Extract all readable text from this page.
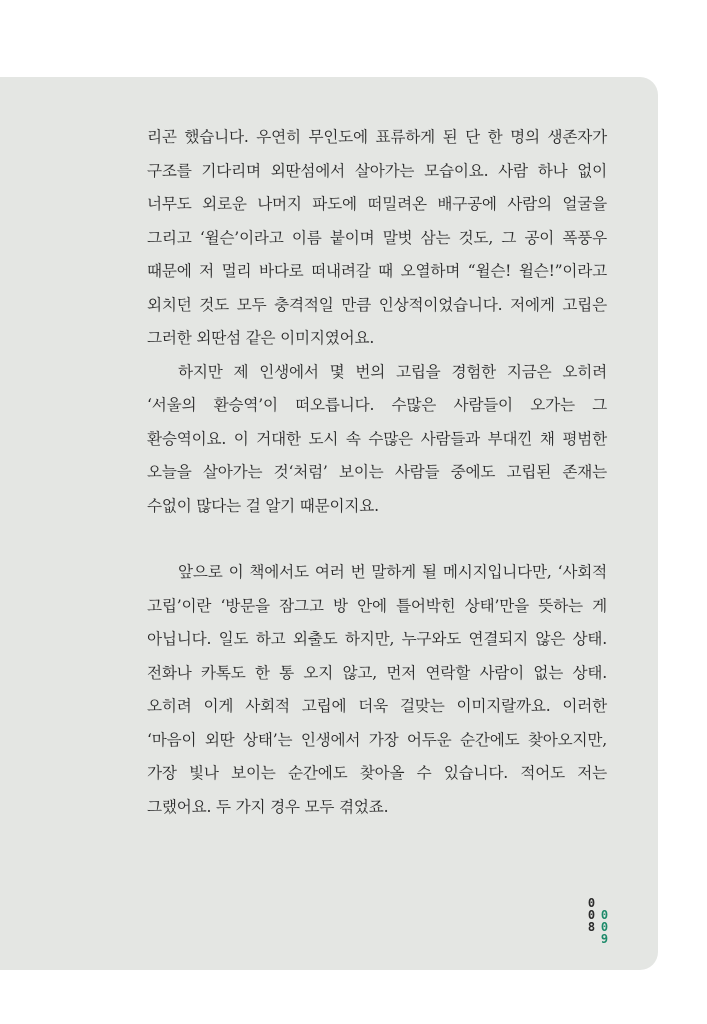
리곤 했습니다. 우연히 무인도에 표류하게 된 단 한 명의 생존자가 구조를 기다리며 외딴섬에서 살아가는 모습이요. 사람 하나 없이 너무도 외로운 나머지 파도에 떠밀려온 배구공에 사람의 얼굴을 그리고 ‘윌슨’이라고 이름 붙이며 말벗 삼는 것도, 그 공이 폭풍우 때문에 저 멀리 바다로 떠내려갈 때 오열하며 “윌슨! 윌슨!”이라고 외치던 것도 모두 충격적일 만큼 인상적이었습니다. 저에게 고립은 그러한 외딴섬 같은 이미지였어요.

하지만 제 인생에서 몇 번의 고립을 경험한 지금은 오히려 ‘서울의 환승역’이 떠오릅니다. 수많은 사람들이 오가는 그 환승역이요. 이 거대한 도시 속 수많은 사람들과 부대낀 채 평범한 오늘을 살아가는 것‘처럼’ 보이는 사람들 중에도 고립된 존재는 수없이 많다는 걸 알기 때문이지요.

앞으로 이 책에서도 여러 번 말하게 될 메시지입니다만, ‘사회적 고립’이란 ‘방문을 잠그고 방 안에 틀어박힌 상태’만을 뜻하는 게 아닙니다. 일도 하고 외출도 하지만, 누구와도 연결되지 않은 상태. 전화나 카톡도 한 통 오지 않고, 먼저 연락할 사람이 없는 상태. 오히려 이게 사회적 고립에 더욱 걸맞는 이미지랄까요. 이러한 ‘마음이 외딴 상태’는 인생에서 가장 어두운 순간에도 찾아오지만, 가장 빛나 보이는 순간에도 찾아올 수 있습니다. 적어도 저는 그랬어요. 두 가지 경우 모두 겪었죠.

0
0
8
0
0
9
